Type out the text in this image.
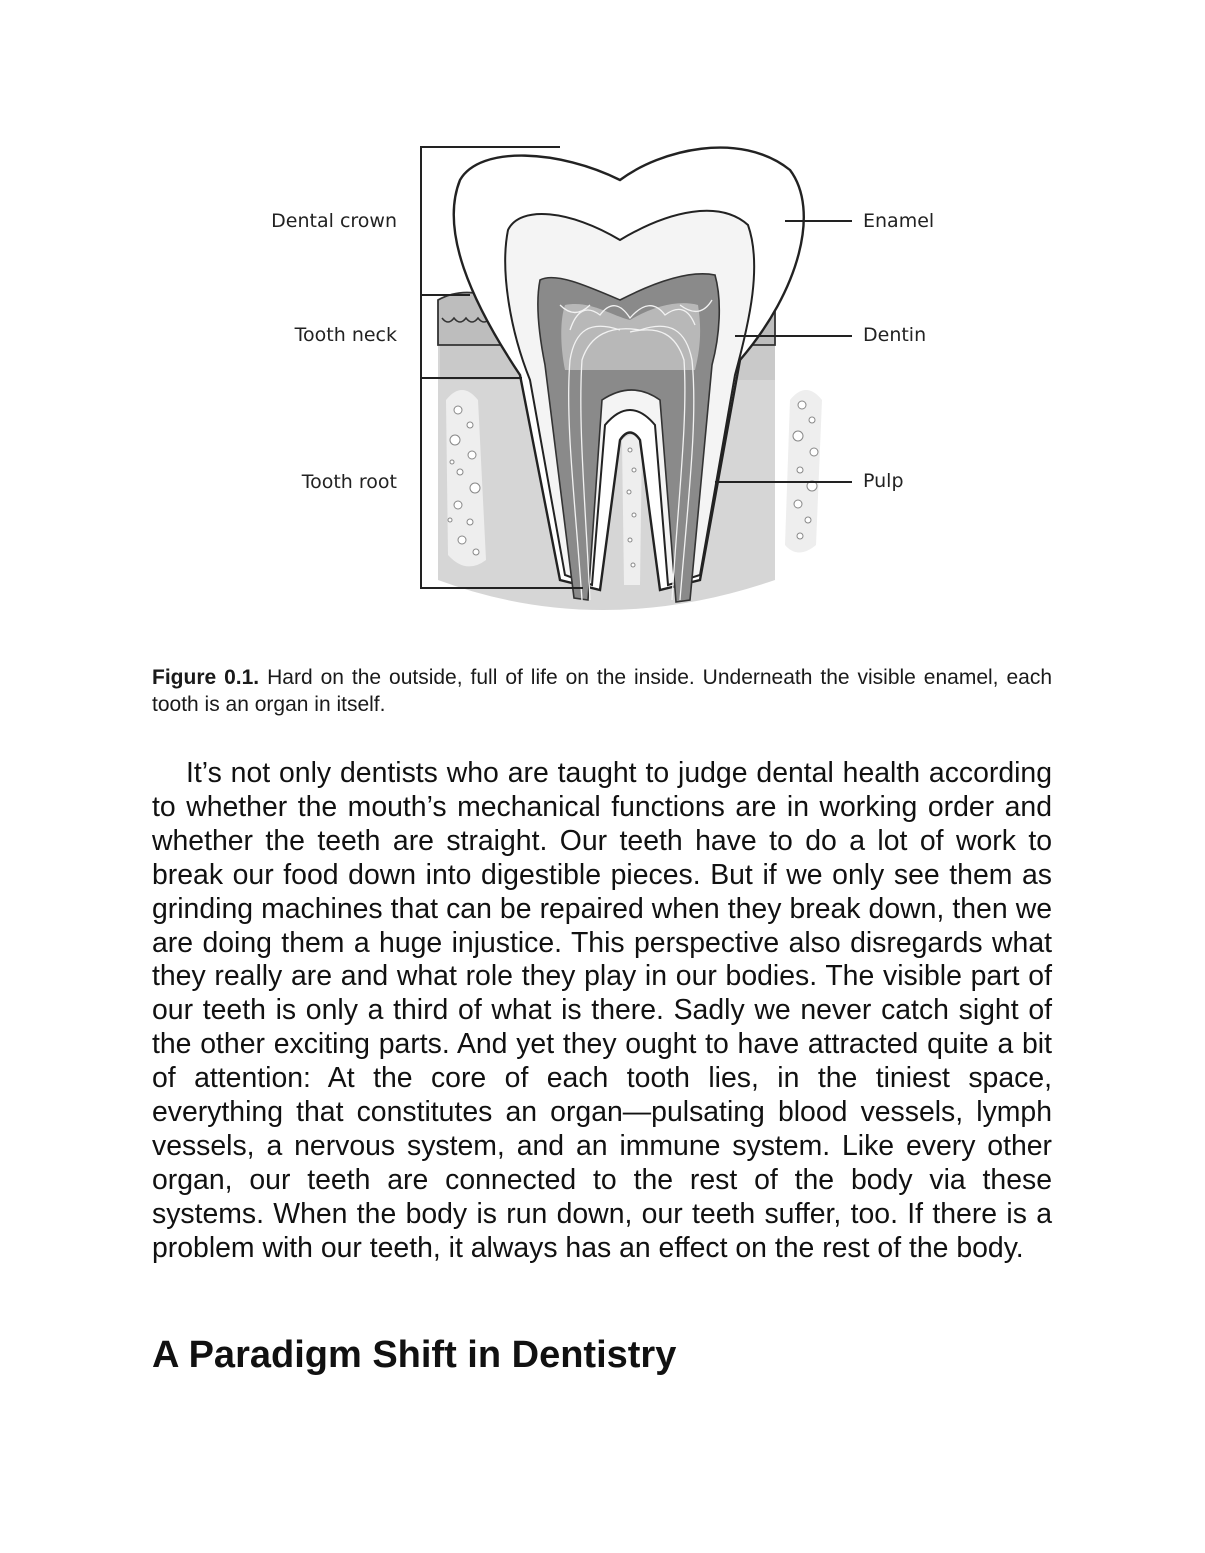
Dental crown
Tooth neck
Tooth root
Enamel
Dentin
Pulp
Figure 0.1. Hard on the outside, full of life on the inside. Underneath the visible enamel, each tooth is an organ in itself.

It’s not only dentists who are taught to judge dental health according to whether the mouth’s mechanical functions are in working order and whether the teeth are straight. Our teeth have to do a lot of work to break our food down into digestible pieces. But if we only see them as grinding machines that can be repaired when they break down, then we are doing them a huge injustice. This perspective also disregards what they really are and what role they play in our bodies. The visible part of our teeth is only a third of what is there. Sadly we never catch sight of the other exciting parts. And yet they ought to have attracted quite a bit of attention: At the core of each tooth lies, in the tiniest space, everything that constitutes an organ—pulsating blood vessels, lymph vessels, a nervous system, and an immune system. Like every other organ, our teeth are connected to the rest of the body via these systems. When the body is run down, our teeth suffer, too. If there is a problem with our teeth, it always has an effect on the rest of the body.

A Paradigm Shift in Dentistry
